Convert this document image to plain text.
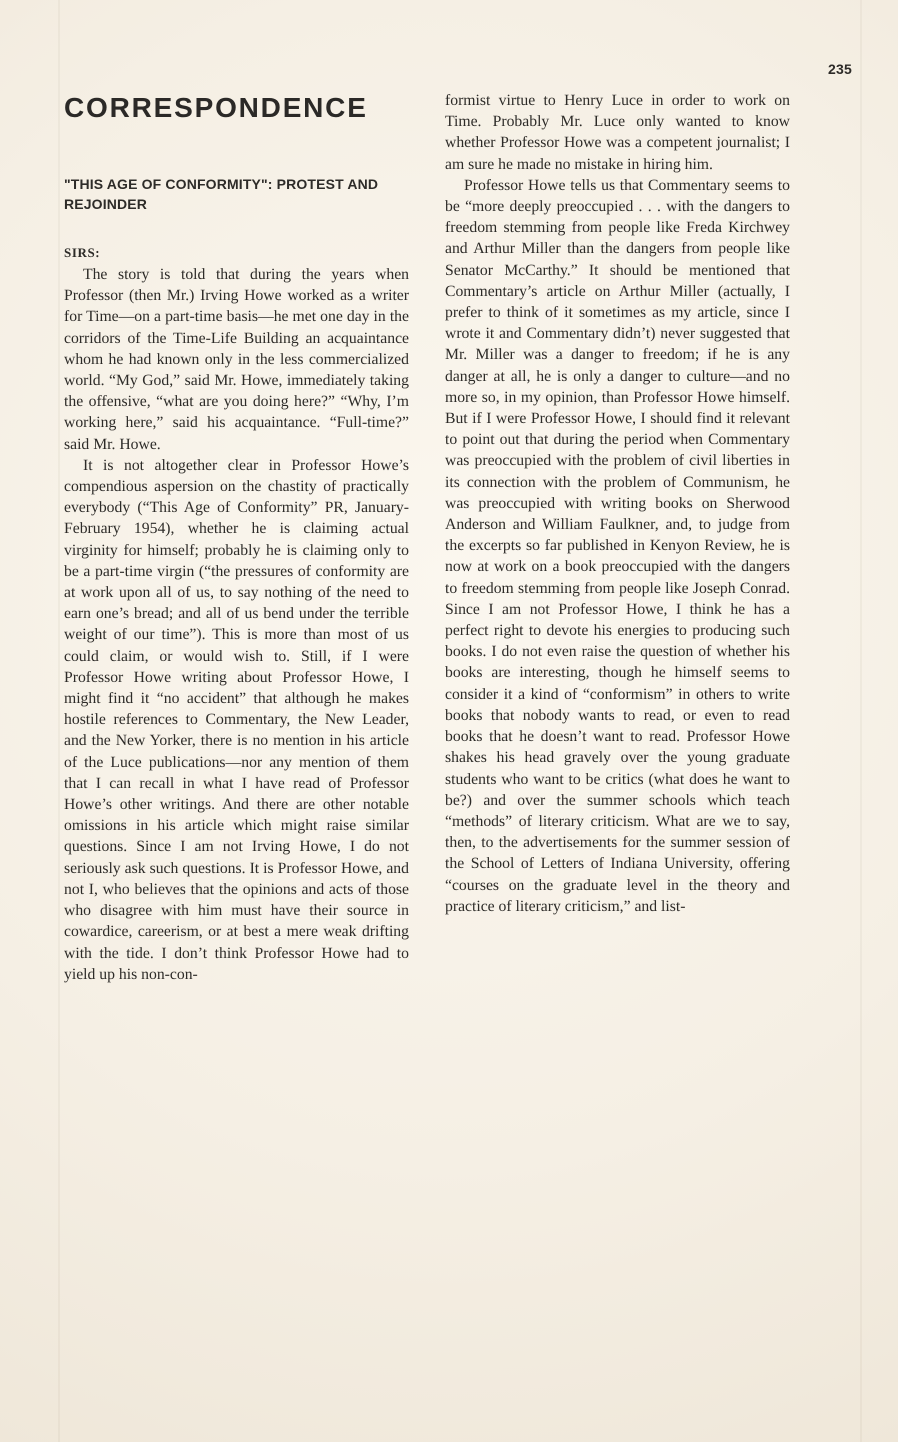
235
CORRESPONDENCE
"THIS AGE OF CONFORMITY": PROTEST AND REJOINDER

SIRS:

The story is told that during the years when Professor (then Mr.) Irving Howe worked as a writer for Time—on a part-time basis—he met one day in the corridors of the Time-Life Building an acquaintance whom he had known only in the less commercialized world. “My God,” said Mr. Howe, immediately taking the offensive, “what are you doing here?” “Why, I’m working here,” said his acquaintance. “Full-time?” said Mr. Howe.

It is not altogether clear in Professor Howe’s compendious aspersion on the chastity of practically everybody (“This Age of Conformity” PR, January-February 1954), whether he is claiming actual virginity for himself; probably he is claiming only to be a part-time virgin (“the pressures of conformity are at work upon all of us, to say nothing of the need to earn one’s bread; and all of us bend under the terrible weight of our time”). This is more than most of us could claim, or would wish to. Still, if I were Professor Howe writing about Professor Howe, I might find it “no accident” that although he makes hostile references to Commentary, the New Leader, and the New Yorker, there is no mention in his article of the Luce publications—nor any mention of them that I can recall in what I have read of Professor Howe’s other writings. And there are other notable omissions in his article which might raise similar questions. Since I am not Irving Howe, I do not seriously ask such questions. It is Professor Howe, and not I, who believes that the opinions and acts of those who disagree with him must have their source in cowardice, careerism, or at best a mere weak drifting with the tide. I don’t think Professor Howe had to yield up his non-con-

formist virtue to Henry Luce in order to work on Time. Probably Mr. Luce only wanted to know whether Professor Howe was a competent journalist; I am sure he made no mistake in hiring him.

Professor Howe tells us that Commentary seems to be “more deeply preoccupied . . . with the dangers to freedom stemming from people like Freda Kirchwey and Arthur Miller than the dangers from people like Senator McCarthy.” It should be mentioned that Commentary’s article on Arthur Miller (actually, I prefer to think of it sometimes as my article, since I wrote it and Commentary didn’t) never suggested that Mr. Miller was a danger to freedom; if he is any danger at all, he is only a danger to culture—and no more so, in my opinion, than Professor Howe himself. But if I were Professor Howe, I should find it relevant to point out that during the period when Commentary was preoccupied with the problem of civil liberties in its connection with the problem of Communism, he was preoccupied with writing books on Sherwood Anderson and William Faulkner, and, to judge from the excerpts so far published in Kenyon Review, he is now at work on a book preoccupied with the dangers to freedom stemming from people like Joseph Conrad. Since I am not Professor Howe, I think he has a perfect right to devote his energies to producing such books. I do not even raise the question of whether his books are interesting, though he himself seems to consider it a kind of “conformism” in others to write books that nobody wants to read, or even to read books that he doesn’t want to read. Professor Howe shakes his head gravely over the young graduate students who want to be critics (what does he want to be?) and over the summer schools which teach “methods” of literary criticism. What are we to say, then, to the advertisements for the summer session of the School of Letters of Indiana University, offering “courses on the graduate level in the theory and practice of literary criticism,” and list-
